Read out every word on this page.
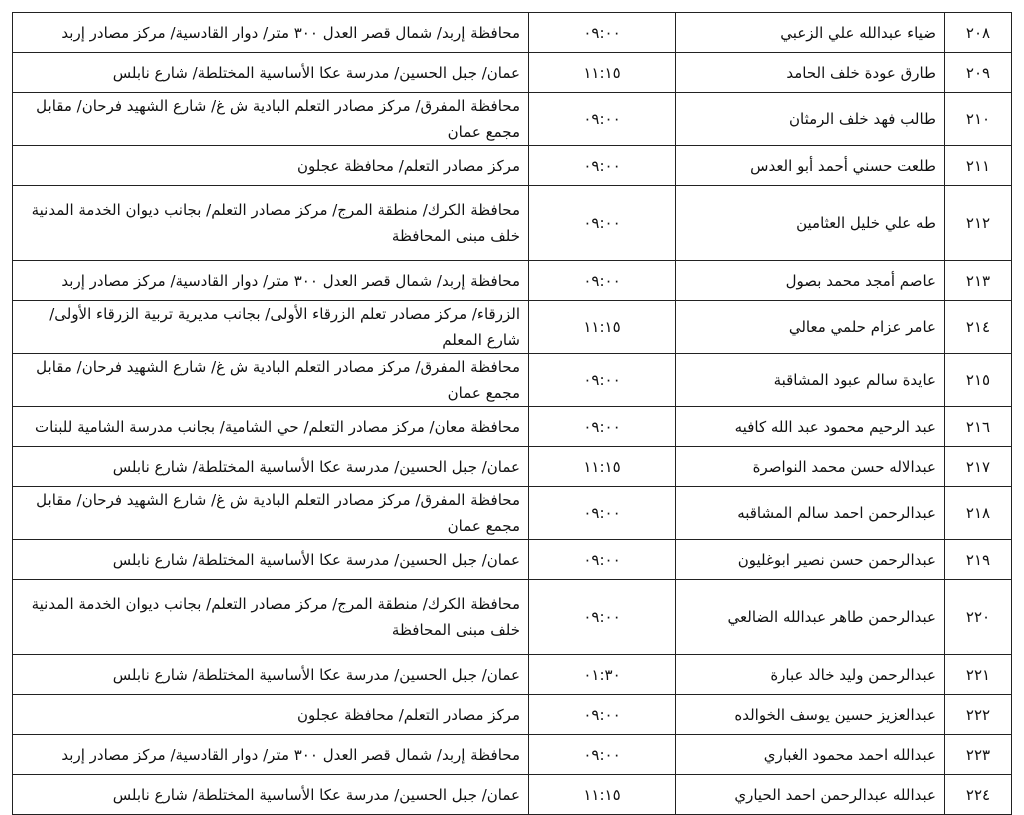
٢٠٨	ضياء عبدالله علي الزعبي	٠٩:٠٠	محافظة إربد/ شمال قصر العدل ٣٠٠ متر/ دوار القادسية/ مركز مصادر إربد
٢٠٩	طارق عودة خلف الحامد	١١:١٥	عمان/ جبل الحسين/ مدرسة عكا الأساسية المختلطة/ شارع نابلس
٢١٠	طالب فهد خلف الرمثان	٠٩:٠٠	محافظة المفرق/ مركز مصادر التعلم البادية ش غ/ شارع الشهيد فرحان/ مقابل مجمع عمان
٢١١	طلعت حسني أحمد أبو العدس	٠٩:٠٠	مركز مصادر التعلم/ محافظة عجلون
٢١٢	طه علي خليل العثامين	٠٩:٠٠	محافظة الكرك/ منطقة المرج/ مركز مصادر التعلم/ بجانب ديوان الخدمة المدنية خلف مبنى المحافظة
٢١٣	عاصم أمجد محمد بصول	٠٩:٠٠	محافظة إربد/ شمال قصر العدل ٣٠٠ متر/ دوار القادسية/ مركز مصادر إربد
٢١٤	عامر عزام حلمي معالي	١١:١٥	الزرقاء/ مركز مصادر تعلم الزرقاء الأولى/ بجانب مديرية تربية الزرقاء الأولى/ شارع المعلم
٢١٥	عايدة سالم عبود المشاقبة	٠٩:٠٠	محافظة المفرق/ مركز مصادر التعلم البادية ش غ/ شارع الشهيد فرحان/ مقابل مجمع عمان
٢١٦	عبد الرحيم محمود عبد الله كافيه	٠٩:٠٠	محافظة معان/ مركز مصادر التعلم/ حي الشامية/ بجانب مدرسة الشامية للبنات
٢١٧	عبدالاله حسن محمد النواصرة	١١:١٥	عمان/ جبل الحسين/ مدرسة عكا الأساسية المختلطة/ شارع نابلس
٢١٨	عبدالرحمن احمد سالم المشاقبه	٠٩:٠٠	محافظة المفرق/ مركز مصادر التعلم البادية ش غ/ شارع الشهيد فرحان/ مقابل مجمع عمان
٢١٩	عبدالرحمن حسن نصير ابوغليون	٠٩:٠٠	عمان/ جبل الحسين/ مدرسة عكا الأساسية المختلطة/ شارع نابلس
٢٢٠	عبدالرحمن طاهر عبدالله الضالعي	٠٩:٠٠	محافظة الكرك/ منطقة المرج/ مركز مصادر التعلم/ بجانب ديوان الخدمة المدنية خلف مبنى المحافظة
٢٢١	عبدالرحمن وليد خالد عبارة	٠١:٣٠	عمان/ جبل الحسين/ مدرسة عكا الأساسية المختلطة/ شارع نابلس
٢٢٢	عبدالعزيز حسين يوسف الخوالده	٠٩:٠٠	مركز مصادر التعلم/ محافظة عجلون
٢٢٣	عبدالله احمد محمود الغباري	٠٩:٠٠	محافظة إربد/ شمال قصر العدل ٣٠٠ متر/ دوار القادسية/ مركز مصادر إربد
٢٢٤	عبدالله عبدالرحمن احمد الحياري	١١:١٥	عمان/ جبل الحسين/ مدرسة عكا الأساسية المختلطة/ شارع نابلس
